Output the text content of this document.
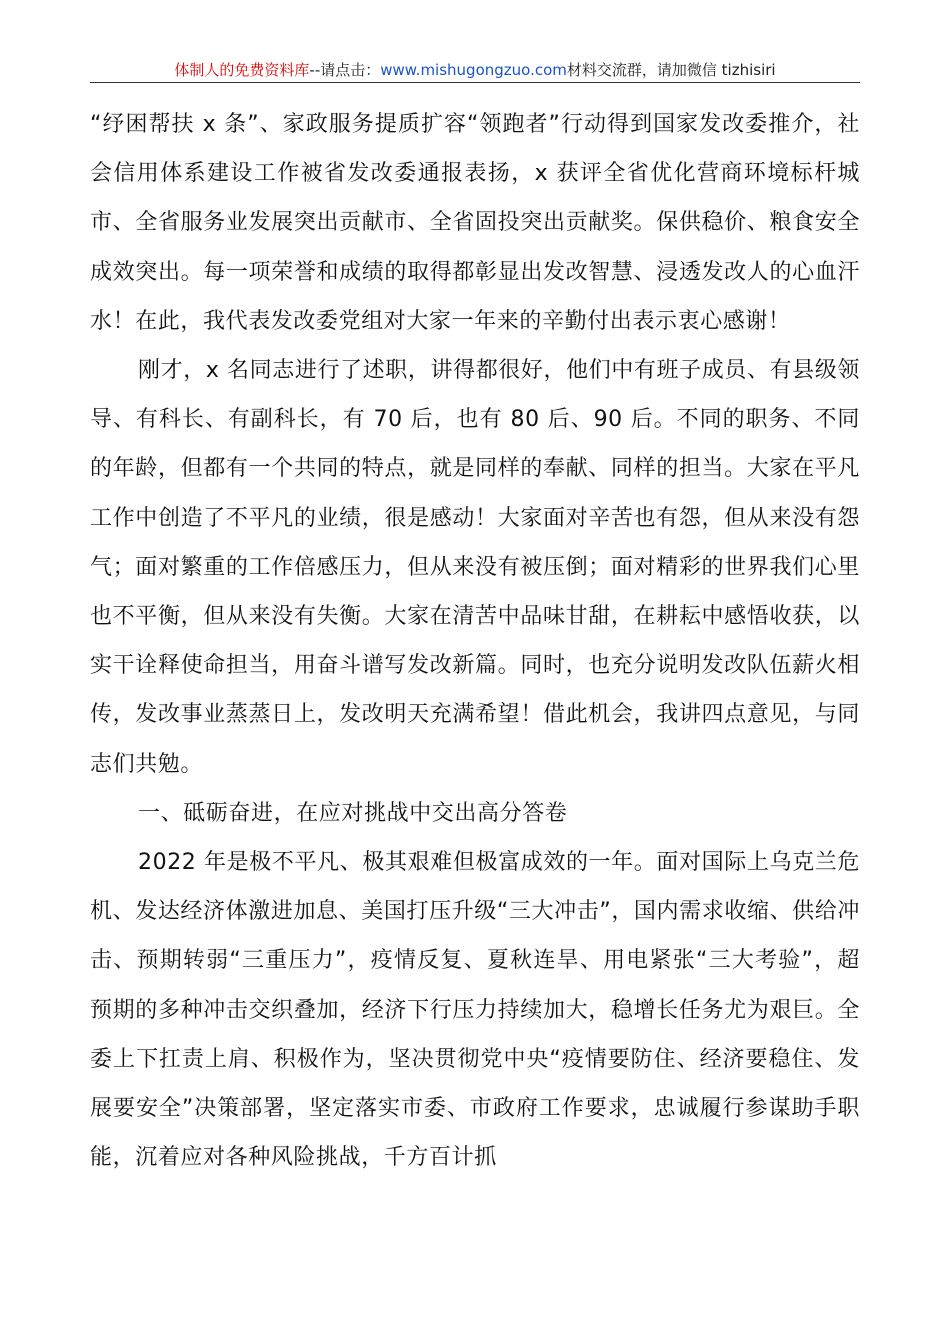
体制人的免费资料库--请点击：www.mishugongzuo.com材料交流群，请加微信 tizhisiri

“纾困帮扶 x 条”、家政服务提质扩容“领跑者”行动得到国家发改委推介，社会信用体系建设工作被省发改委通报表扬，x 获评全省优化营商环境标杆城市、全省服务业发展突出贡献市、全省固投突出贡献奖。保供稳价、粮食安全成效突出。每一项荣誉和成绩的取得都彰显出发改智慧、浸透发改人的心血汗水！在此，我代表发改委党组对大家一年来的辛勤付出表示衷心感谢！

刚才，x 名同志进行了述职，讲得都很好，他们中有班子成员、有县级领导、有科长、有副科长，有 70 后，也有 80 后、90 后。不同的职务、不同的年龄，但都有一个共同的特点，就是同样的奉献、同样的担当。大家在平凡工作中创造了不平凡的业绩，很是感动！大家面对辛苦也有怨，但从来没有怨气；面对繁重的工作倍感压力，但从来没有被压倒；面对精彩的世界我们心里也不平衡，但从来没有失衡。大家在清苦中品味甘甜，在耕耘中感悟收获，以实干诠释使命担当，用奋斗谱写发改新篇。同时，也充分说明发改队伍薪火相传，发改事业蒸蒸日上，发改明天充满希望！借此机会，我讲四点意见，与同志们共勉。

一、砥砺奋进，在应对挑战中交出高分答卷

2022 年是极不平凡、极其艰难但极富成效的一年。面对国际上乌克兰危机、发达经济体激进加息、美国打压升级“三大冲击”，国内需求收缩、供给冲击、预期转弱“三重压力”，疫情反复、夏秋连旱、用电紧张“三大考验”，超预期的多种冲击交织叠加，经济下行压力持续加大，稳增长任务尤为艰巨。全委上下扛责上肩、积极作为，坚决贯彻党中央“疫情要防住、经济要稳住、发展要安全”决策部署，坚定落实市委、市政府工作要求，忠诚履行参谋助手职能，沉着应对各种风险挑战，千方百计抓
